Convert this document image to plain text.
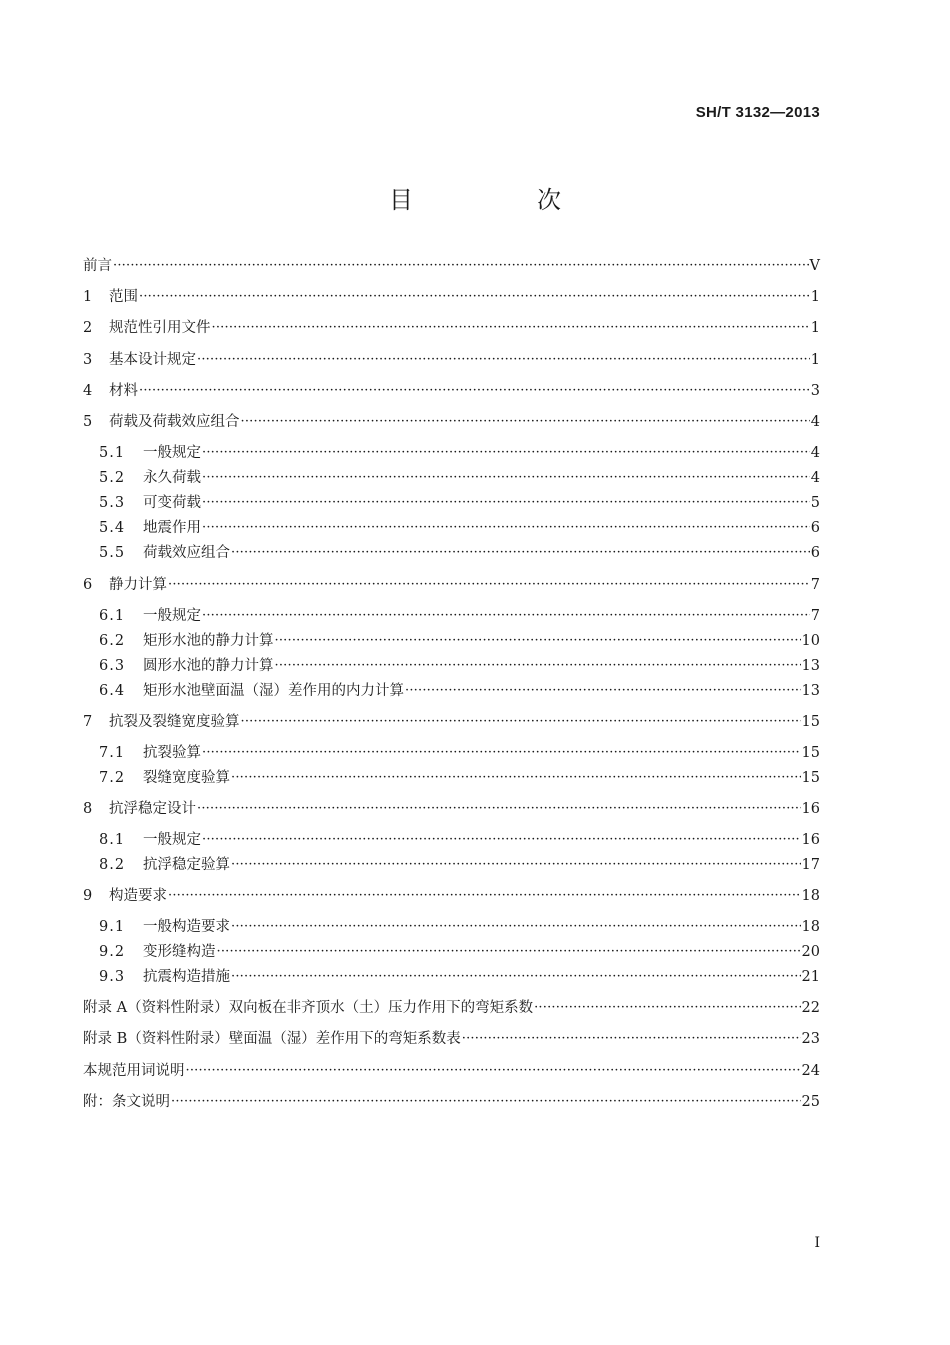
SH/T 3132—2013
目　次
前言 ·····	V
1	范围 ·····	1
2	规范性引用文件 ·····	1
3	基本设计规定 ·····	1
4	材料 ·····	3
5	荷载及荷载效应组合 ·····	4
5.1	一般规定 ·····	4
5.2	永久荷载 ·····	4
5.3	可变荷载 ·····	5
5.4	地震作用 ·····	6
5.5	荷载效应组合 ·····	6
6	静力计算 ·····	7
6.1	一般规定 ·····	7
6.2	矩形水池的静力计算 ·····	10
6.3	圆形水池的静力计算 ·····	13
6.4	矩形水池壁面温（湿）差作用的内力计算 ·····	13
7	抗裂及裂缝宽度验算 ·····	15
7.1	抗裂验算 ·····	15
7.2	裂缝宽度验算 ·····	15
8	抗浮稳定设计 ·····	16
8.1	一般规定 ·····	16
8.2	抗浮稳定验算 ·····	17
9	构造要求 ·····	18
9.1	一般构造要求 ·····	18
9.2	变形缝构造 ·····	20
9.3	抗震构造措施 ·····	21
附录 A（资料性附录）双向板在非齐顶水（土）压力作用下的弯矩系数 ·····	22
附录 B（资料性附录）壁面温（湿）差作用下的弯矩系数表 ·····	23
本规范用词说明 ·····	24
附：条文说明 ·····	25
I
